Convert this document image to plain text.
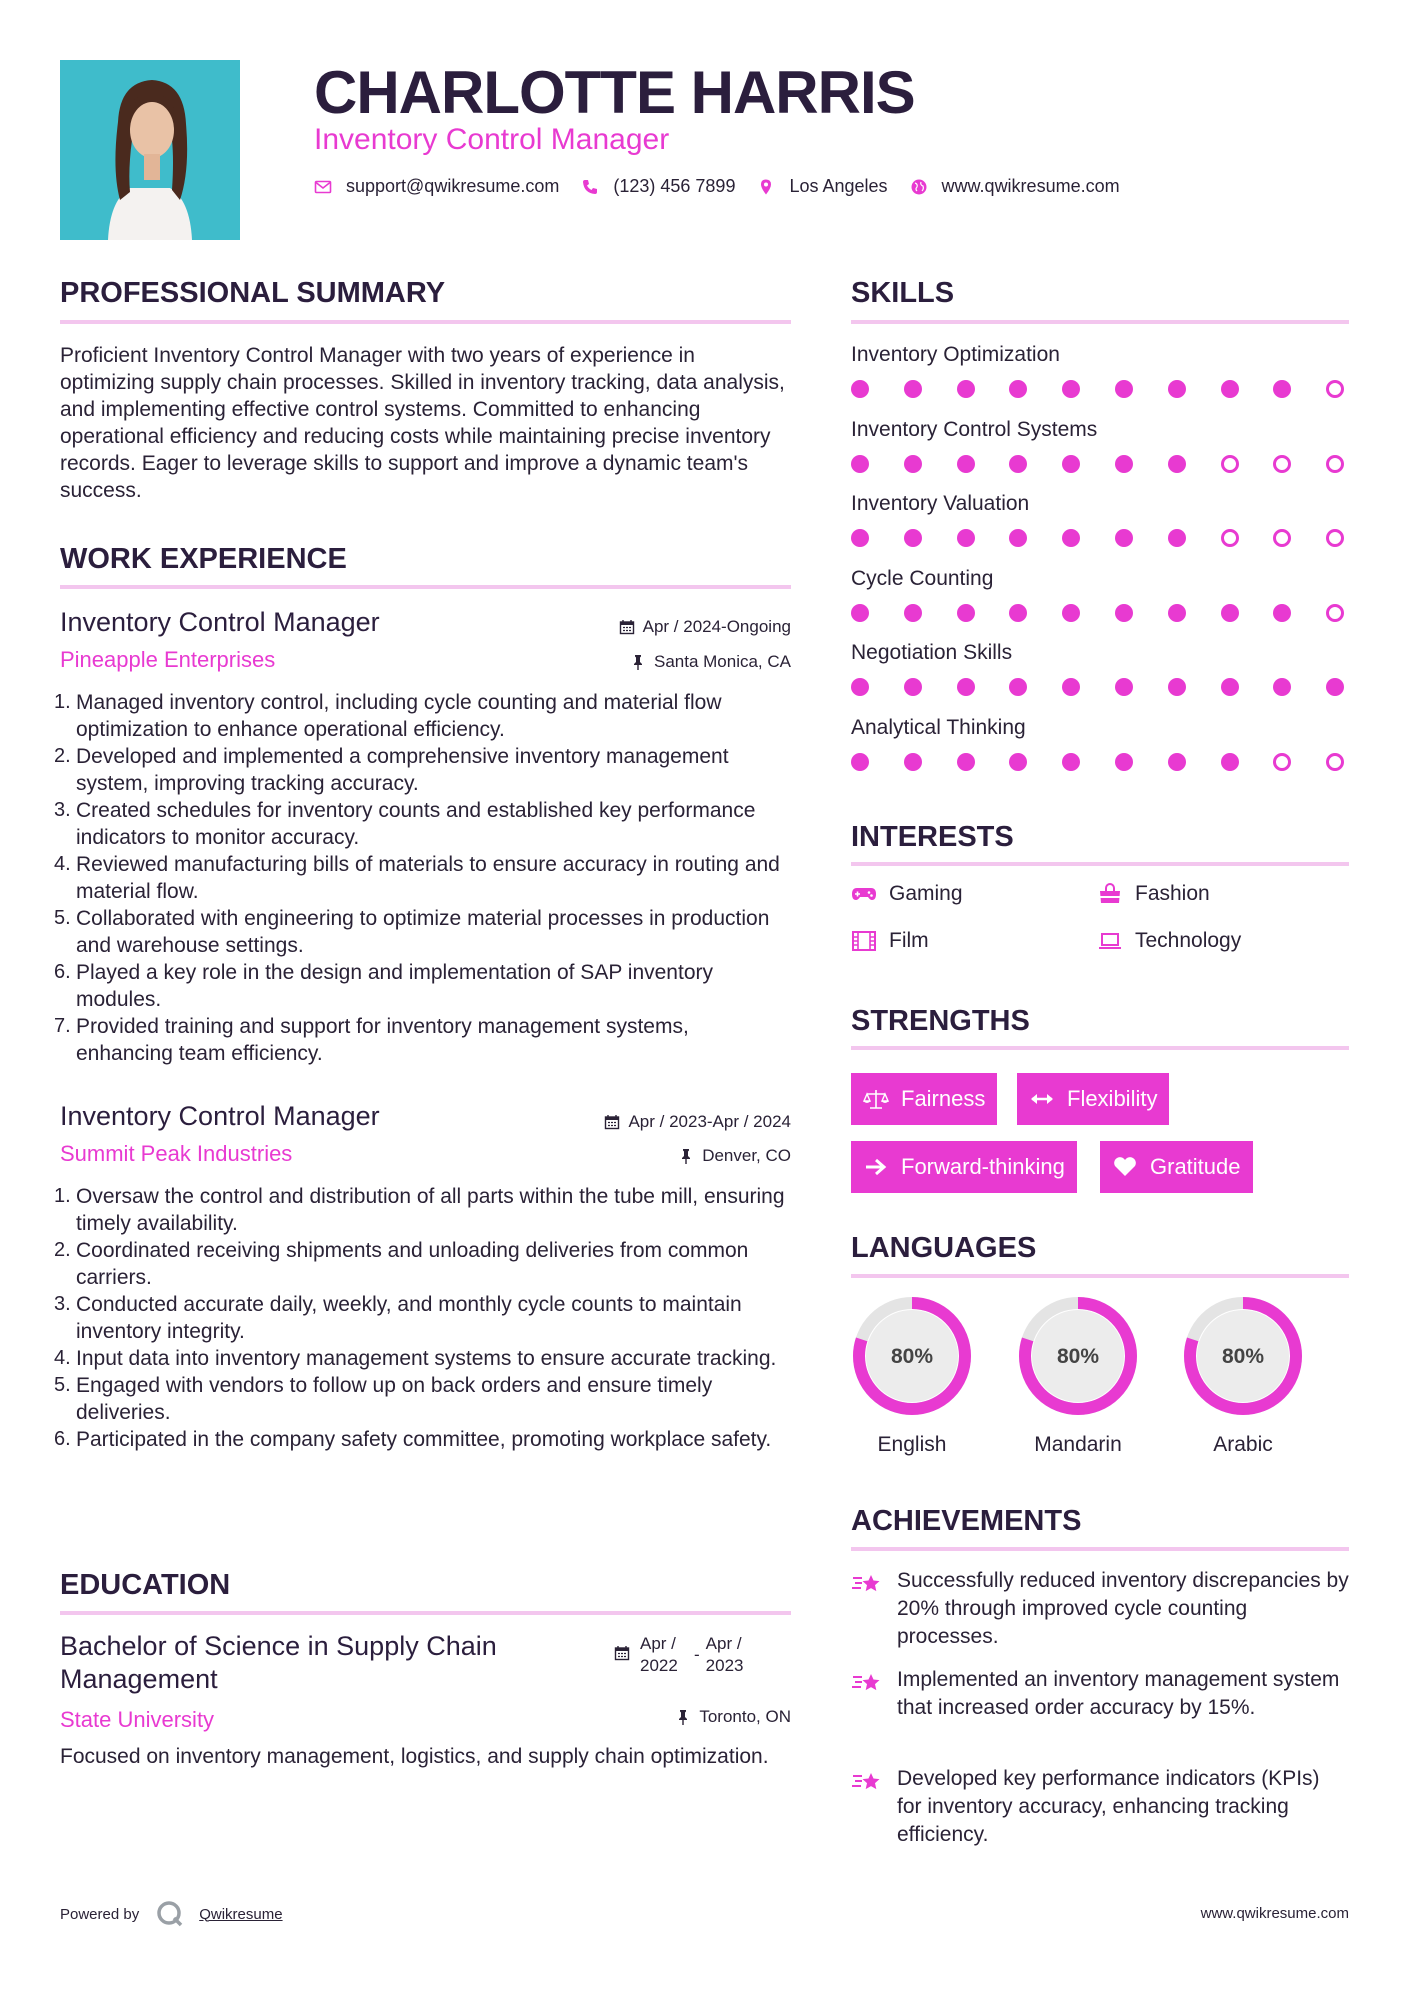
CHARLOTTE HARRIS
Inventory Control Manager
support@qwikresume.com	(123) 456 7899	Los Angeles	www.qwikresume.com
PROFESSIONAL SUMMARY
Proficient Inventory Control Manager with two years of experience in optimizing supply chain processes. Skilled in inventory tracking, data analysis, and implementing effective control systems. Committed to enhancing operational efficiency and reducing costs while maintaining precise inventory records. Eager to leverage skills to support and improve a dynamic team's success.
WORK EXPERIENCE
Inventory Control Manager
Pineapple Enterprises
Apr / 2024-Ongoing
Santa Monica, CA
1. Managed inventory control, including cycle counting and material flow optimization to enhance operational efficiency.
2. Developed and implemented a comprehensive inventory management system, improving tracking accuracy.
3. Created schedules for inventory counts and established key performance indicators to monitor accuracy.
4. Reviewed manufacturing bills of materials to ensure accuracy in routing and material flow.
5. Collaborated with engineering to optimize material processes in production and warehouse settings.
6. Played a key role in the design and implementation of SAP inventory modules.
7. Provided training and support for inventory management systems, enhancing team efficiency.
Inventory Control Manager
Summit Peak Industries
Apr / 2023-Apr / 2024
Denver, CO
1. Oversaw the control and distribution of all parts within the tube mill, ensuring timely availability.
2. Coordinated receiving shipments and unloading deliveries from common carriers.
3. Conducted accurate daily, weekly, and monthly cycle counts to maintain inventory integrity.
4. Input data into inventory management systems to ensure accurate tracking.
5. Engaged with vendors to follow up on back orders and ensure timely deliveries.
6. Participated in the company safety committee, promoting workplace safety.
EDUCATION
Bachelor of Science in Supply Chain Management
State University
Apr / 2022
-
Apr / 2023
Toronto, ON
Focused on inventory management, logistics, and supply chain optimization.
SKILLS
Inventory Optimization
Inventory Control Systems
Inventory Valuation
Cycle Counting
Negotiation Skills
Analytical Thinking
INTERESTS
Gaming	Fashion
Film	Technology
STRENGTHS
Fairness	Flexibility
Forward-thinking	Gratitude
LANGUAGES
80%
English
80%
Mandarin
80%
Arabic
ACHIEVEMENTS
Successfully reduced inventory discrepancies by 20% through improved cycle counting processes.
Implemented an inventory management system that increased order accuracy by 15%.
Developed key performance indicators (KPIs) for inventory accuracy, enhancing tracking efficiency.
Powered by	Qwikresume	www.qwikresume.com
